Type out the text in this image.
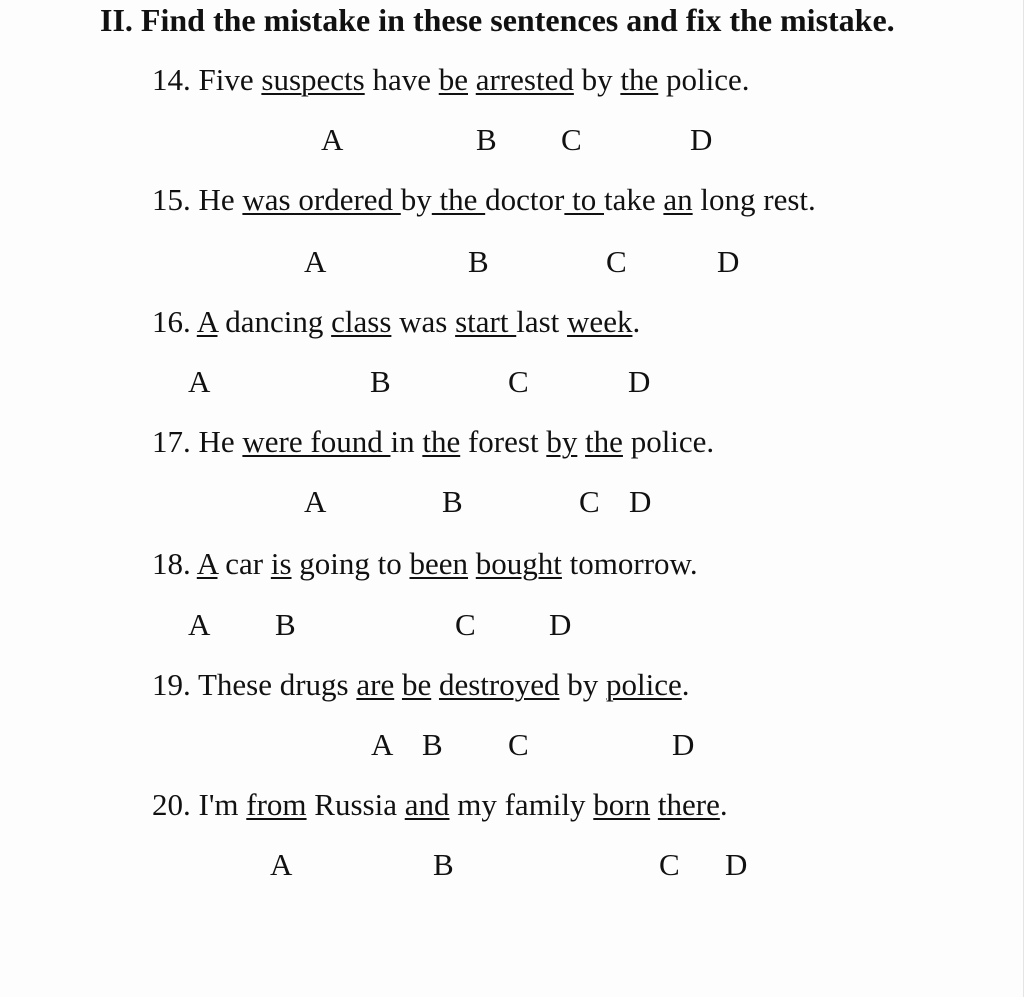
II. Find the mistake in these sentences and fix the mistake.
14. Five suspects have be arrested by the police.
A	B C	D
15. He was ordered by the doctor to take an long rest.
A	B	C	D
16. A dancing class was start last week.
A	B	C	D
17. He were found in the forest by the police.
A	B	C D
18. A car is going to been bought tomorrow.
A B	C D
19. These drugs are be destroyed by police.
A B C	D
20. I'm from Russia and my family born there.
A	B	C D
